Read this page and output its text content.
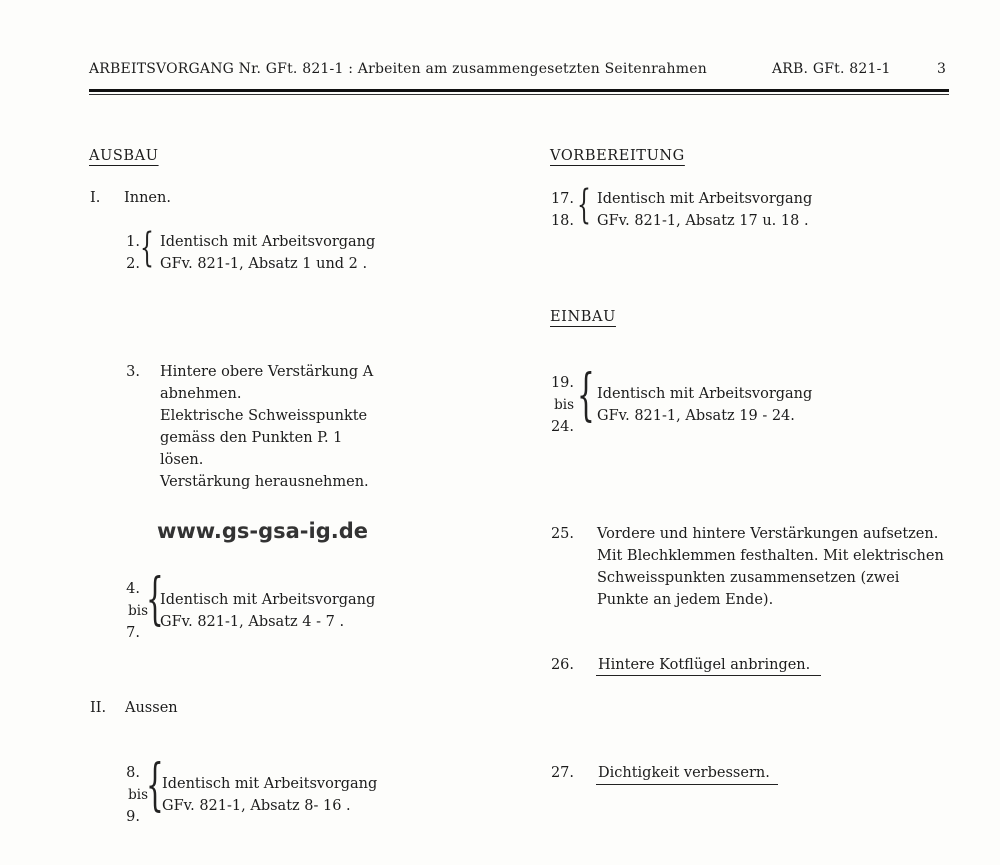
ARBEITSVORGANG Nr. GFt. 821-1 : Arbeiten am zusammengesetzten Seitenrahmen	ARB. GFt. 821-1	3
AUSBAU
I. Innen.
1.
2. { Identisch mit Arbeitsvorgang
GFv. 821-1, Absatz 1 und 2 .
3. Hintere obere Verstärkung A
abnehmen.
Elektrische Schweisspunkte
gemäss den Punkten P. 1
lösen.
Verstärkung herausnehmen.
www.gs-gsa-ig.de
4.
bis
7.
{
Identisch mit Arbeitsvorgang
GFv. 821-1, Absatz 4 - 7 .
II. Aussen
8.
bis
9. {
Identisch mit Arbeitsvorgang
GFv. 821-1, Absatz 8- 16 .
VORBEREITUNG
17.
18. { Identisch mit Arbeitsvorgang
GFv. 821-1, Absatz 17 u. 18 .
EINBAU
19.
bis
24. { Identisch mit Arbeitsvorgang
GFv. 821-1, Absatz 19 - 24.
25. Vordere und hintere Verstärkungen aufsetzen.
Mit Blechklemmen festhalten. Mit elektrischen
Schweisspunkten zusammensetzen (zwei
Punkte an jedem Ende).
26. Hintere Kotflügel anbringen.
27. Dichtigkeit verbessern.
